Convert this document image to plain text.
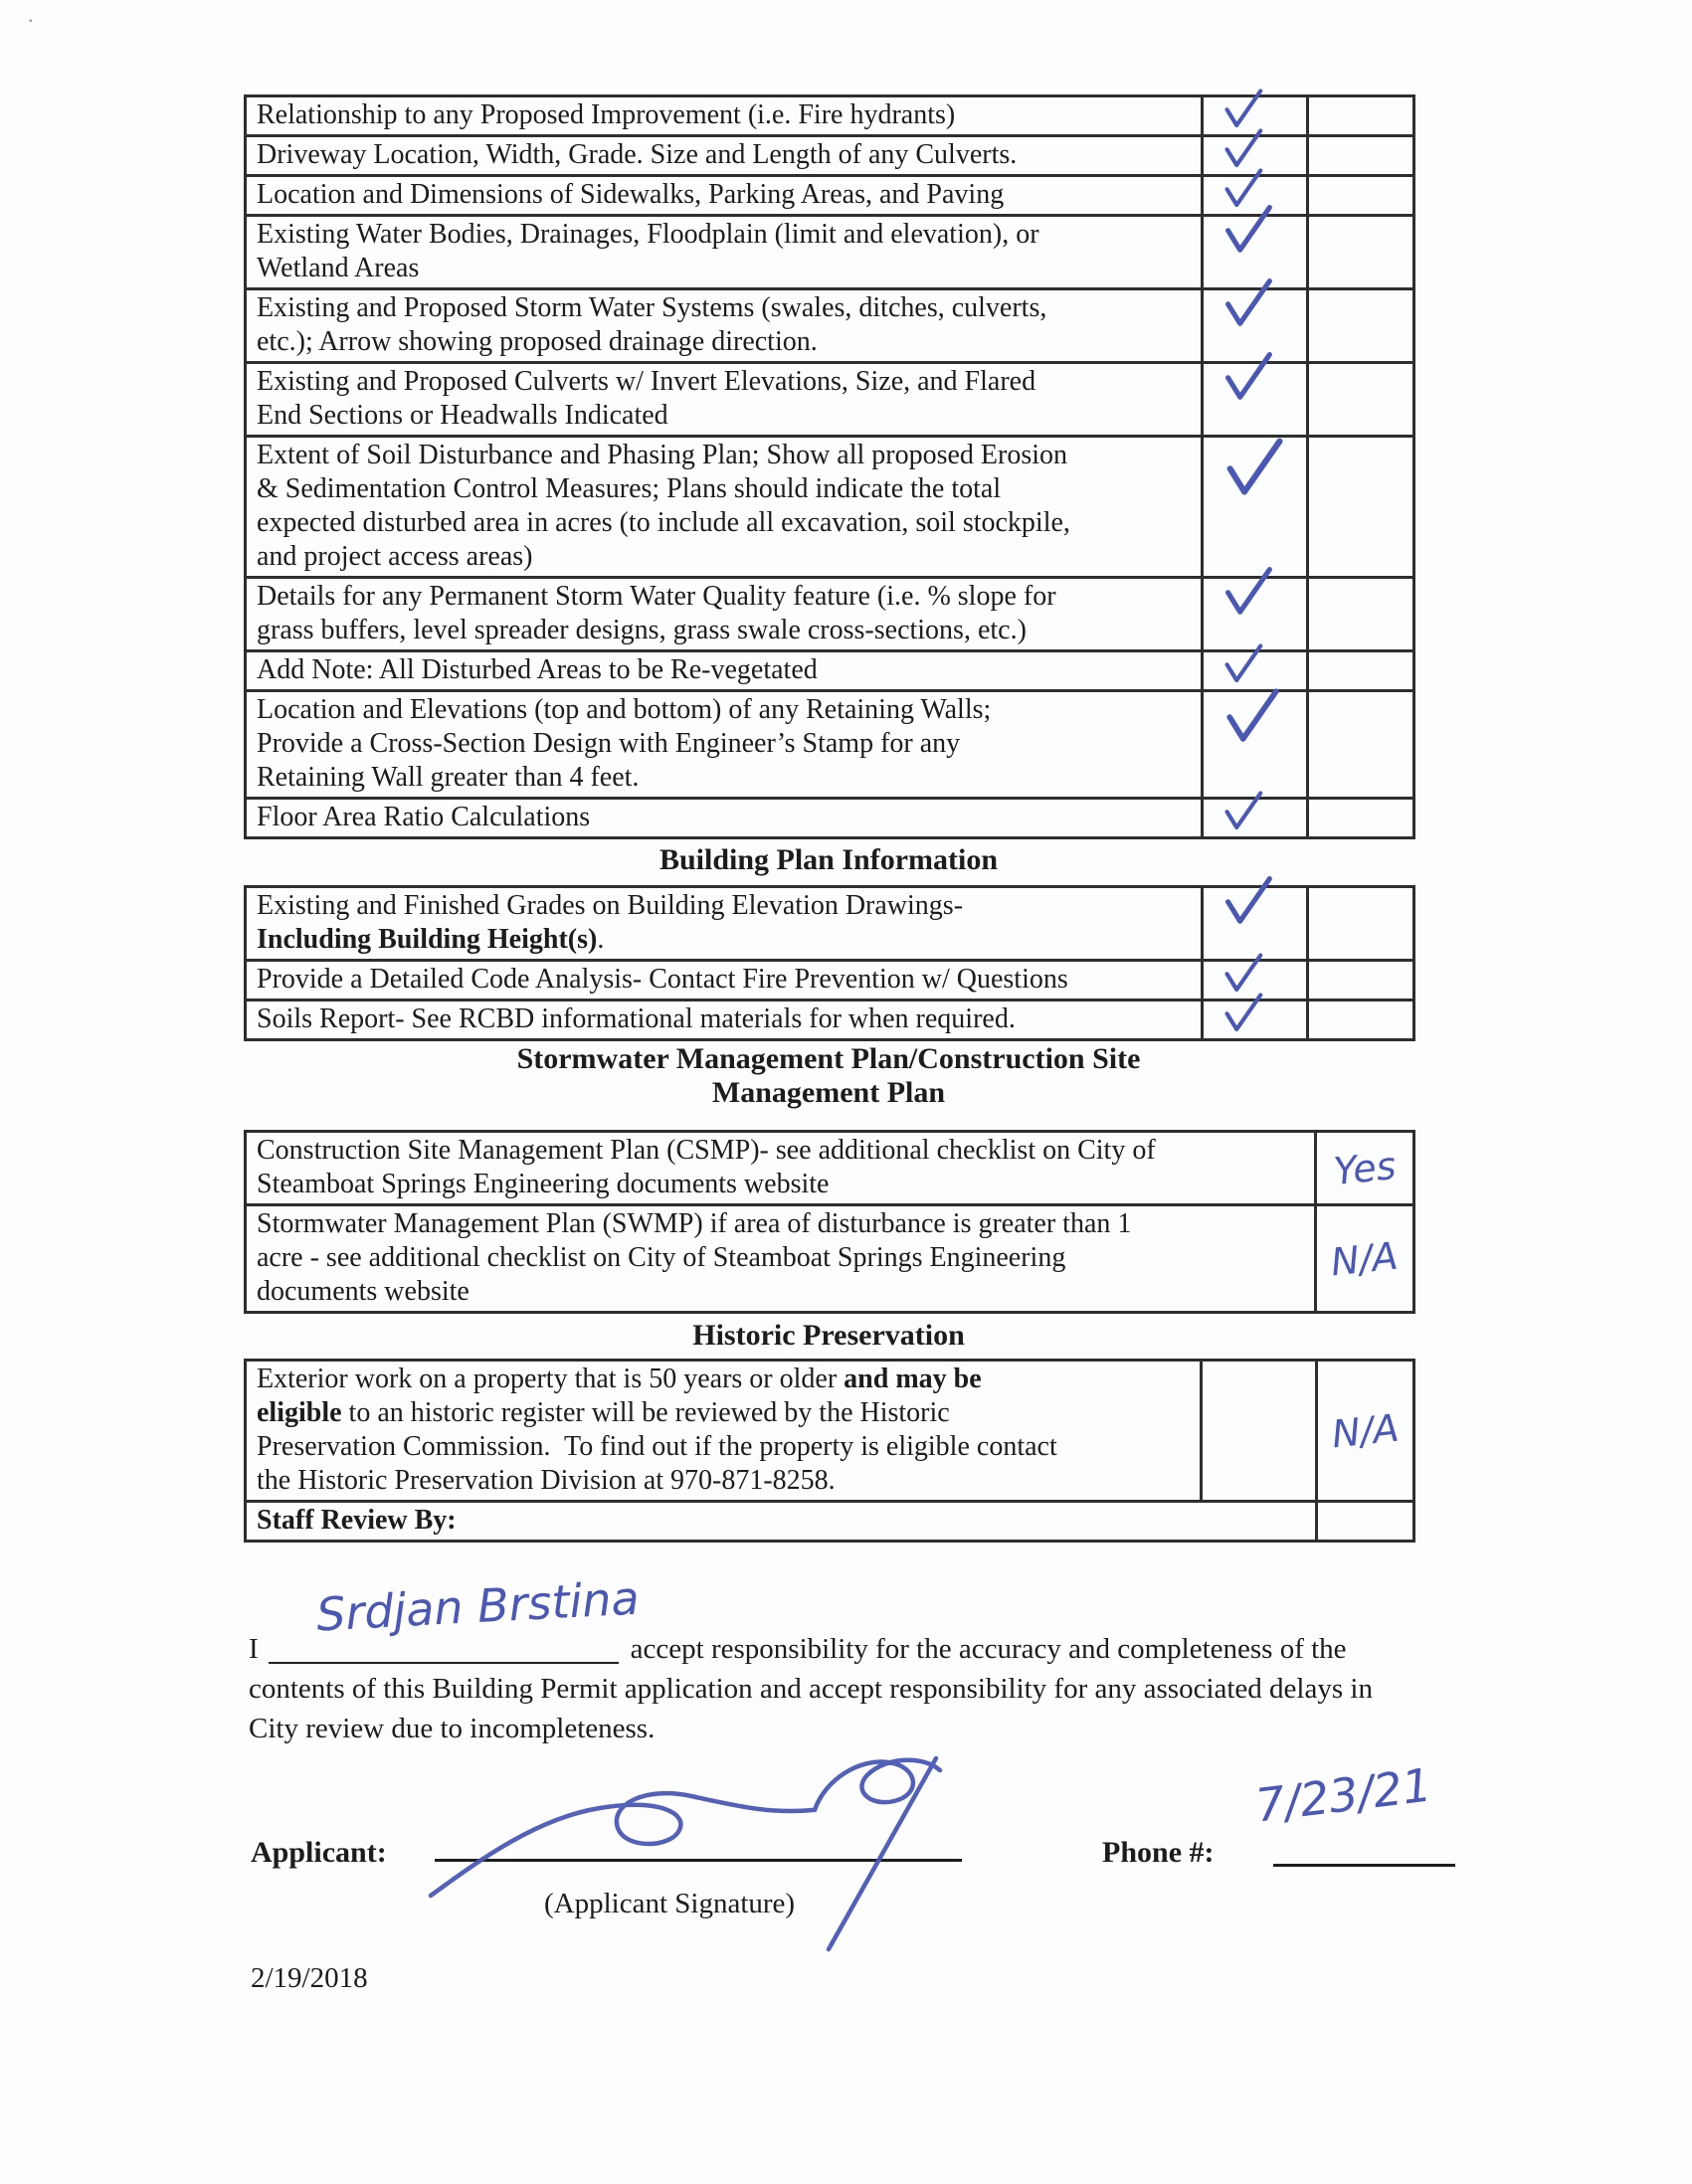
.
Relationship to any Proposed Improvement (i.e. Fire hydrants)	

Driveway Location, Width, Grade. Size and Length of any Culverts.	

Location and Dimensions of Sidewalks, Parking Areas, and Paving	

Existing Water Bodies, Drainages, Floodplain (limit and elevation), or
Wetland Areas	

Existing and Proposed Storm Water Systems (swales, ditches, culverts,
etc.); Arrow showing proposed drainage direction.	

Existing and Proposed Culverts w/ Invert Elevations, Size, and Flared
End Sections or Headwalls Indicated	

Extent of Soil Disturbance and Phasing Plan; Show all proposed Erosion
& Sedimentation Control Measures; Plans should indicate the total
expected disturbed area in acres (to include all excavation, soil stockpile,
and project access areas)	

Details for any Permanent Storm Water Quality feature (i.e. % slope for
grass buffers, level spreader designs, grass swale cross-sections, etc.)	

Add Note: All Disturbed Areas to be Re-vegetated	

Location and Elevations (top and bottom) of any Retaining Walls;
Provide a Cross-Section Design with Engineer’s Stamp for any
Retaining Wall greater than 4 feet.	

Floor Area Ratio Calculations	

Building Plan Information
Existing and Finished Grades on Building Elevation Drawings-
Including Building Height(s).	

Provide a Detailed Code Analysis- Contact Fire Prevention w/ Questions	

Soils Report- See RCBD informational materials for when required.	

Stormwater Management Plan/Construction Site
Management Plan
Construction Site Management Plan (CSMP)- see additional checklist on City of
Steamboat Springs Engineering documents website	Yes
Stormwater Management Plan (SWMP) if area of disturbance is greater than 1
acre - see additional checklist on City of Steamboat Springs Engineering
documents website	N/A
Historic Preservation
Exterior work on a property that is 50 years or older and may be
eligible to an historic register will be reviewed by the Historic
Preservation Commission.  To find out if the property is eligible contact
the Historic Preservation Division at 970-871-8258.		N/A
Staff Review By:		
I	accept responsibility for the accuracy and completeness of the contents of this Building Permit application and accept responsibility for any associated delays in City review due to incompleteness.
Srdjan Brstina
Applicant:
(Applicant Signature)
Phone #:
7/23/21
2/19/2018
